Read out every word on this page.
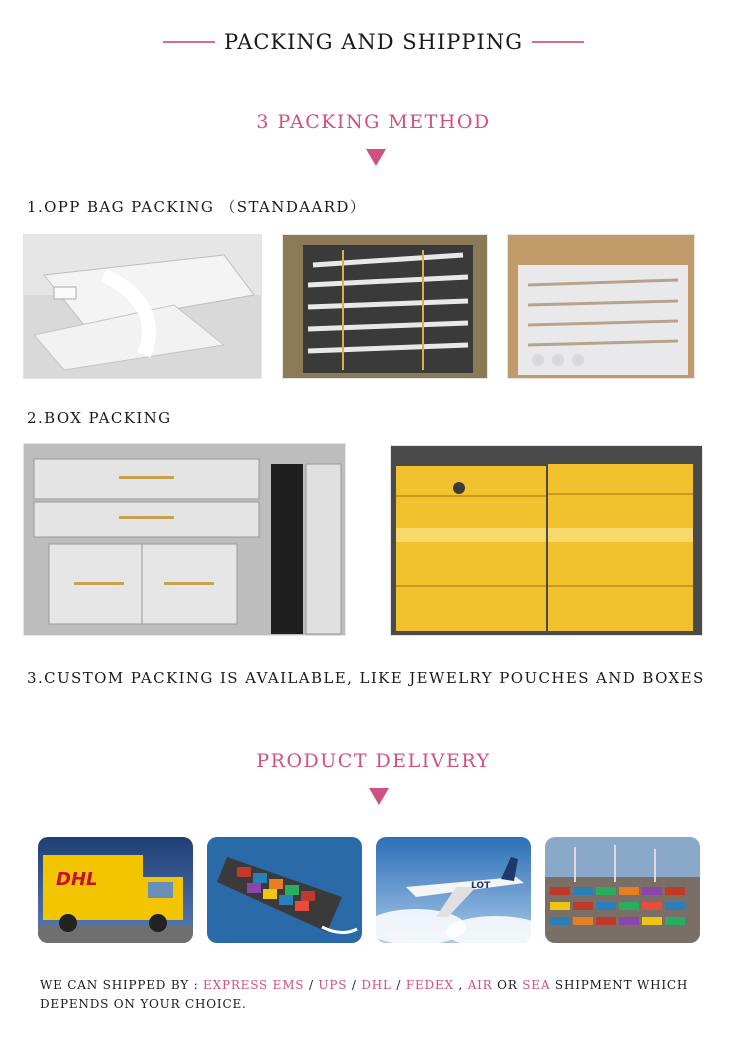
PACKING AND SHIPPING
3 PACKING METHOD
1.OPP BAG PACKING （STANDAARD）
2.BOX PACKING
3.CUSTOM PACKING IS AVAILABLE, LIKE JEWELRY POUCHES AND BOXES
PRODUCT DELIVERY
DHL	LOT
WE CAN SHIPPED BY : EXPRESS EMS / UPS / DHL / FEDEX , AIR OR SEA SHIPMENT WHICH DEPENDS ON YOUR CHOICE.
